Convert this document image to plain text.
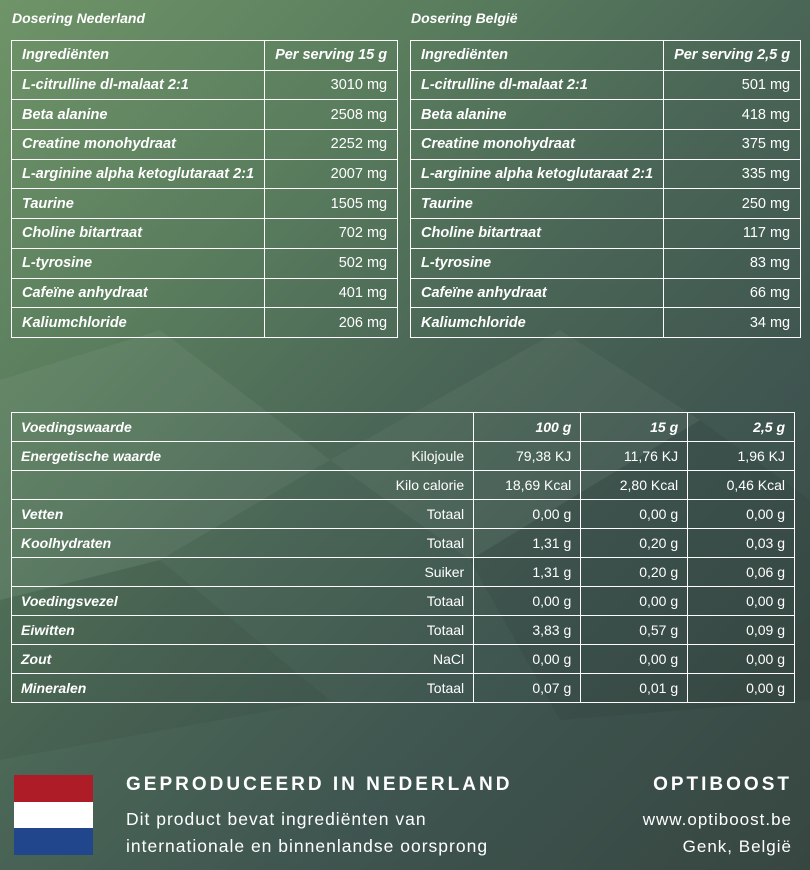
Dosering Nederland	Dosering België
Ingrediënten	Per serving 15 g
L-citrulline dl-malaat 2:1	3010 mg
Beta alanine	2508 mg
Creatine monohydraat	2252 mg
L-arginine alpha ketoglutaraat 2:1	2007 mg
Taurine	1505 mg
Choline bitartraat	702 mg
L-tyrosine	502 mg
Cafeïne anhydraat	401 mg
Kaliumchloride	206 mg
Ingrediënten	Per serving 2,5 g
L-citrulline dl-malaat 2:1	501 mg
Beta alanine	418 mg
Creatine monohydraat	375 mg
L-arginine alpha ketoglutaraat 2:1	335 mg
Taurine	250 mg
Choline bitartraat	117 mg
L-tyrosine	83 mg
Cafeïne anhydraat	66 mg
Kaliumchloride	34 mg
Voedingswaarde		100 g	15 g	2,5 g
Energetische waarde	Kilojoule	79,38 KJ	11,76 KJ	1,96 KJ
	Kilo calorie	18,69 Kcal	2,80 Kcal	0,46 Kcal
Vetten	Totaal	0,00 g	0,00 g	0,00 g
Koolhydraten	Totaal	1,31 g	0,20 g	0,03 g
	Suiker	1,31 g	0,20 g	0,06 g
Voedingsvezel	Totaal	0,00 g	0,00 g	0,00 g
Eiwitten	Totaal	3,83 g	0,57 g	0,09 g
Zout	NaCl	0,00 g	0,00 g	0,00 g
Mineralen	Totaal	0,07 g	0,01 g	0,00 g
GEPRODUCEERD IN NEDERLAND
Dit product bevat ingrediënten van
internationale en binnenlandse oorsprong
OPTIBOOST
www.optiboost.be
Genk, België
